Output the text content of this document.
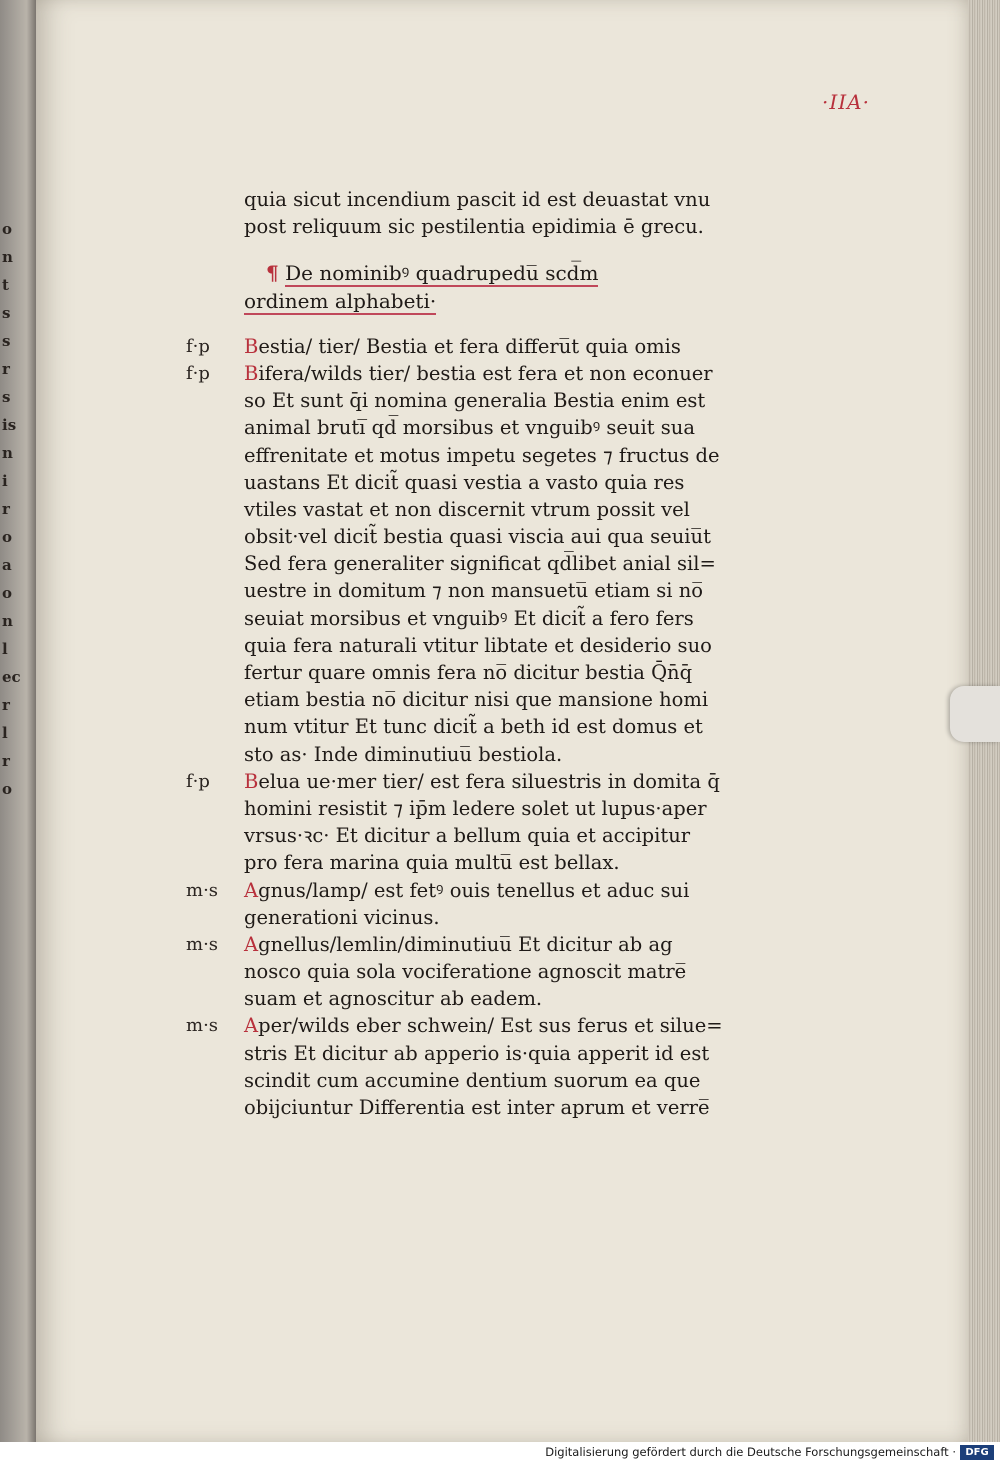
o
n
t
s
s
r
s
is
n
i
r
o
a
o
n
l
ec
r
l
r
o
·IIA·
quia sicut incendium pascit id est deuastat vnu
post reliquum sic pestilentia epidimia ē grecu.
¶ De nominibꝰ quadrupedu̅ scd̅m
ordinem alphabeti·
f·p Bestia/ tier/ Bestia et fera differu̅t quia omis
f·p Bifera/wilds tier/ bestia est fera et non econuer
so Et sunt q̄i nomina generalia Bestia enim est
animal bruti̅ qd̅ morsibus et vnguibꝰ seuit sua
effrenitate et motus impetu segetes ⁊ fructus de
uastans Et dicit̃ quasi vestia a vasto quia res
vtiles vastat et non discernit vtrum possit vel
obsit·vel dicit̃ bestia quasi viscia aui qua seuiu̅t
Sed fera generaliter significat qd̅libet anial sil=
uestre in domitum ⁊ non mansuetu̅ etiam si no̅
seuiat morsibus et vnguibꝰ Et dicit̃ a fero fers
quia fera naturali vtitur libtate et desiderio suo
fertur quare omnis fera no̅ dicitur bestia Q̄n̄q̄
etiam bestia no̅ dicitur nisi que mansione homi
num vtitur Et tunc dicit̃ a beth id est domus et
sto as· Inde diminutiuu̅ bestiola.
f·p Belua ue·mer tier/ est fera siluestris in domita q̄
homini resistit ⁊ ip̄m ledere solet ut lupus·aper
vrsus·ꝛc· Et dicitur a bellum quia et accipitur
pro fera marina quia multu̅ est bellax.
m·s Agnus/lamp/ est fetꝰ ouis tenellus et aduc sui
generationi vicinus.
m·s Agnellus/lemlin/diminutiuu̅ Et dicitur ab ag
nosco quia sola vociferatione agnoscit matre̅
suam et agnoscitur ab eadem.
m·s Aper/wilds eber schwein/ Est sus ferus et silue=
stris Et dicitur ab apperio is·quia apperit id est
scindit cum accumine dentium suorum ea que
obijciuntur Differentia est inter aprum et verre̅
Digitalisierung gefördert durch die Deutsche Forschungsgemeinschaft · DFG
